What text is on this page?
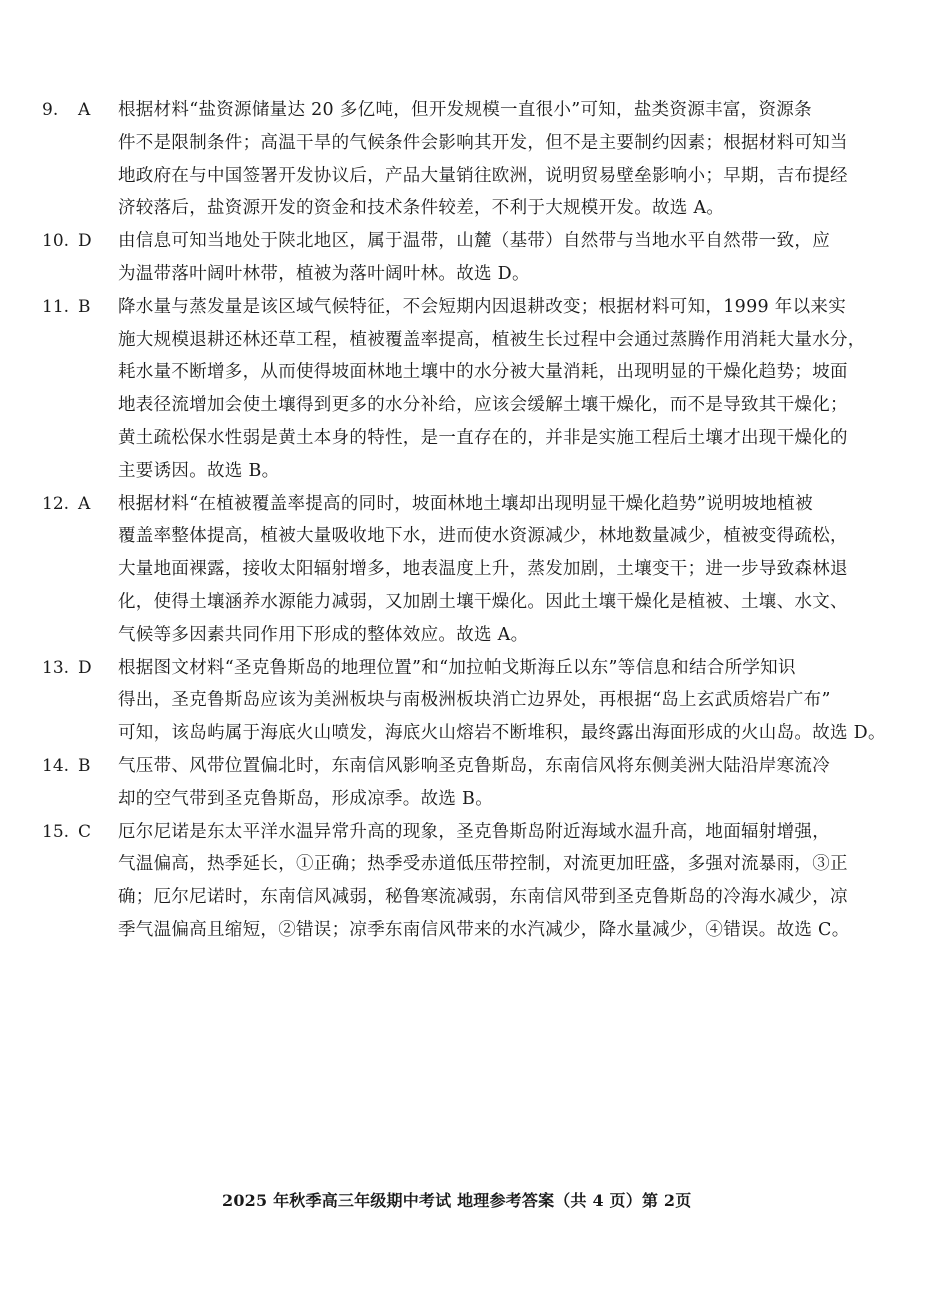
9.	A	根据材料“盐资源储量达 20 多亿吨，但开发规模一直很小”可知，盐类资源丰富，资源条
件不是限制条件；高温干旱的气候条件会影响其开发，但不是主要制约因素；根据材料可知当
地政府在与中国签署开发协议后，产品大量销往欧洲，说明贸易壁垒影响小；早期，吉布提经
济较落后，盐资源开发的资金和技术条件较差，不利于大规模开发。故选 A。
10. D	由信息可知当地处于陕北地区，属于温带，山麓（基带）自然带与当地水平自然带一致，应
为温带落叶阔叶林带，植被为落叶阔叶林。故选 D。
11. B	降水量与蒸发量是该区域气候特征，不会短期内因退耕改变；根据材料可知，1999 年以来实
施大规模退耕还林还草工程，植被覆盖率提高，植被生长过程中会通过蒸腾作用消耗大量水分，
耗水量不断增多，从而使得坡面林地土壤中的水分被大量消耗，出现明显的干燥化趋势；坡面
地表径流增加会使土壤得到更多的水分补给，应该会缓解土壤干燥化，而不是导致其干燥化；
黄土疏松保水性弱是黄土本身的特性，是一直存在的，并非是实施工程后土壤才出现干燥化的
主要诱因。故选 B。
12. A	根据材料“在植被覆盖率提高的同时，坡面林地土壤却出现明显干燥化趋势”说明坡地植被
覆盖率整体提高，植被大量吸收地下水，进而使水资源减少，林地数量减少，植被变得疏松，
大量地面裸露，接收太阳辐射增多，地表温度上升，蒸发加剧，土壤变干；进一步导致森林退
化，使得土壤涵养水源能力减弱，又加剧土壤干燥化。因此土壤干燥化是植被、土壤、水文、
气候等多因素共同作用下形成的整体效应。故选 A。
13. D	根据图文材料“圣克鲁斯岛的地理位置”和“加拉帕戈斯海丘以东”等信息和结合所学知识
得出，圣克鲁斯岛应该为美洲板块与南极洲板块消亡边界处，再根据“岛上玄武质熔岩广布”
可知，该岛屿属于海底火山喷发，海底火山熔岩不断堆积，最终露出海面形成的火山岛。故选 D。
14. B	气压带、风带位置偏北时，东南信风影响圣克鲁斯岛，东南信风将东侧美洲大陆沿岸寒流冷
却的空气带到圣克鲁斯岛，形成凉季。故选 B。
15. C	厄尔尼诺是东太平洋水温异常升高的现象，圣克鲁斯岛附近海域水温升高，地面辐射增强，
气温偏高，热季延长，①正确；热季受赤道低压带控制，对流更加旺盛，多强对流暴雨，③正
确；厄尔尼诺时，东南信风减弱，秘鲁寒流减弱，东南信风带到圣克鲁斯岛的冷海水减少，凉
季气温偏高且缩短，②错误；凉季东南信风带来的水汽减少，降水量减少，④错误。故选 C。
2025 年秋季高三年级期中考试 地理参考答案（共 4 页）第 2页
